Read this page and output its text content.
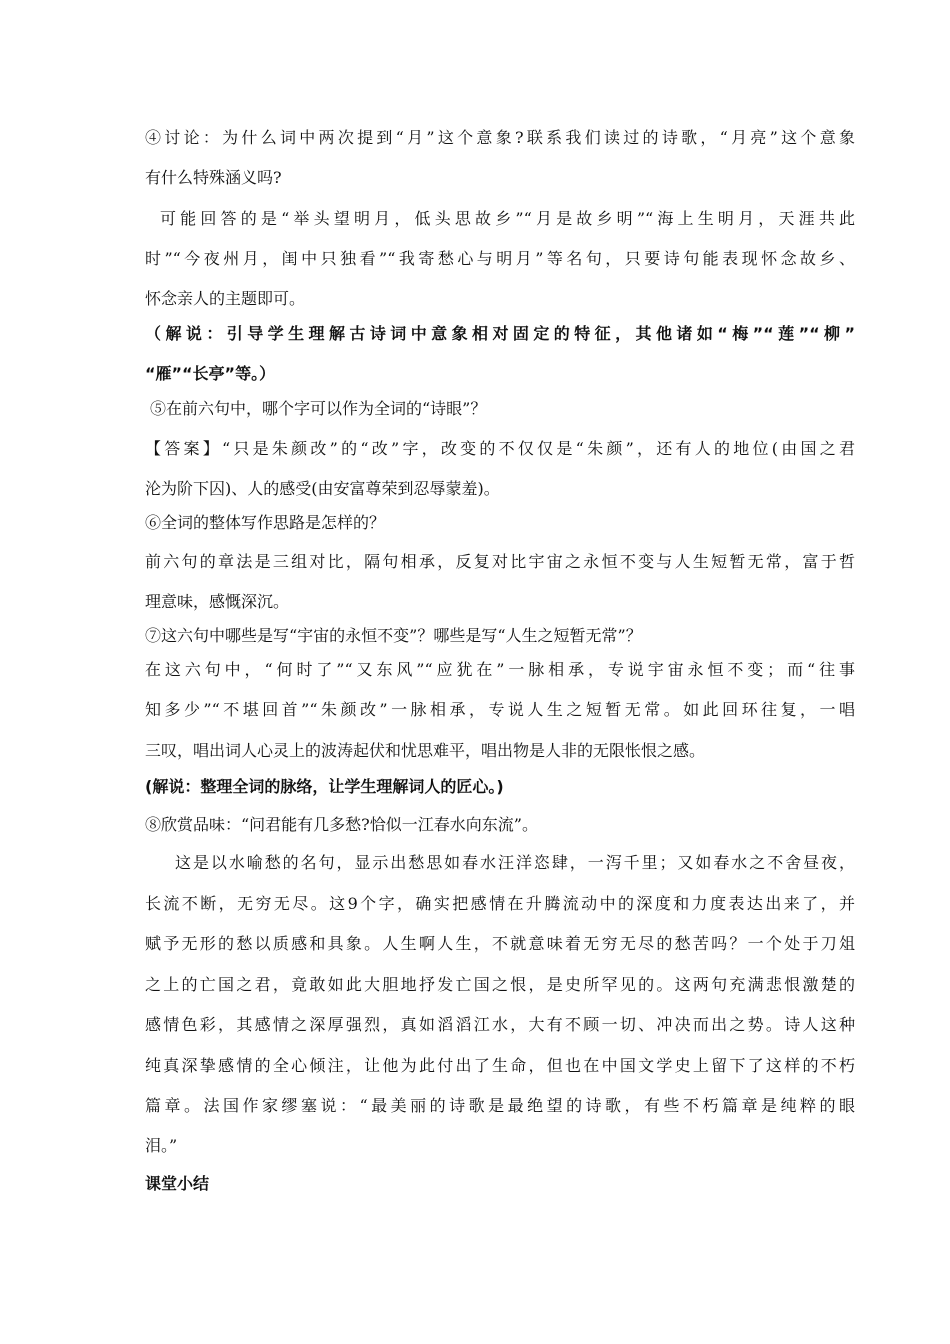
④讨论：为什么词中两次提到“月”这个意象?联系我们读过的诗歌，“月亮”这个意象
有什么特殊涵义吗?
可能回答的是“举头望明月，低头思故乡”“月是故乡明”“海上生明月，天涯共此
时”“今夜州月，闺中只独看”“我寄愁心与明月”等名句，只要诗句能表现怀念故乡、
怀念亲人的主题即可。
（解说：引导学生理解古诗词中意象相对固定的特征，其他诸如“梅”“莲”“柳”
“雁”“长亭”等。）
⑤在前六句中，哪个字可以作为全词的“诗眼”？
【答案】“只是朱颜改”的“改”字，改变的不仅仅是“朱颜”，还有人的地位(由国之君
沦为阶下囚)、人的感受(由安富尊荣到忍辱蒙羞)。
⑥全词的整体写作思路是怎样的？
前六句的章法是三组对比，隔句相承，反复对比宇宙之永恒不变与人生短暂无常，富于哲
理意味，感慨深沉。
⑦这六句中哪些是写“宇宙的永恒不变”？哪些是写“人生之短暂无常”？
在这六句中，“何时了”“又东风”“应犹在”一脉相承，专说宇宙永恒不变；而“往事
知多少”“不堪回首”“朱颜改”一脉相承，专说人生之短暂无常。如此回环往复，一唱
三叹，唱出词人心灵上的波涛起伏和忧思难平，唱出物是人非的无限怅恨之感。
(解说：整理全词的脉络，让学生理解词人的匠心。)
⑧欣赏品味：“问君能有几多愁?恰似一江春水向东流”。
这是以水喻愁的名句，显示出愁思如春水汪洋恣肆，一泻千里；又如春水之不舍昼夜，
长流不断，无穷无尽。这9个字，确实把感情在升腾流动中的深度和力度表达出来了，并
赋予无形的愁以质感和具象。人生啊人生，不就意味着无穷无尽的愁苦吗？一个处于刀俎
之上的亡国之君，竟敢如此大胆地抒发亡国之恨，是史所罕见的。这两句充满悲恨激楚的
感情色彩，其感情之深厚强烈，真如滔滔江水，大有不顾一切、冲决而出之势。诗人这种
纯真深挚感情的全心倾注，让他为此付出了生命，但也在中国文学史上留下了这样的不朽
篇章。法国作家缪塞说：“最美丽的诗歌是最绝望的诗歌，有些不朽篇章是纯粹的眼
泪。”
课堂小结
